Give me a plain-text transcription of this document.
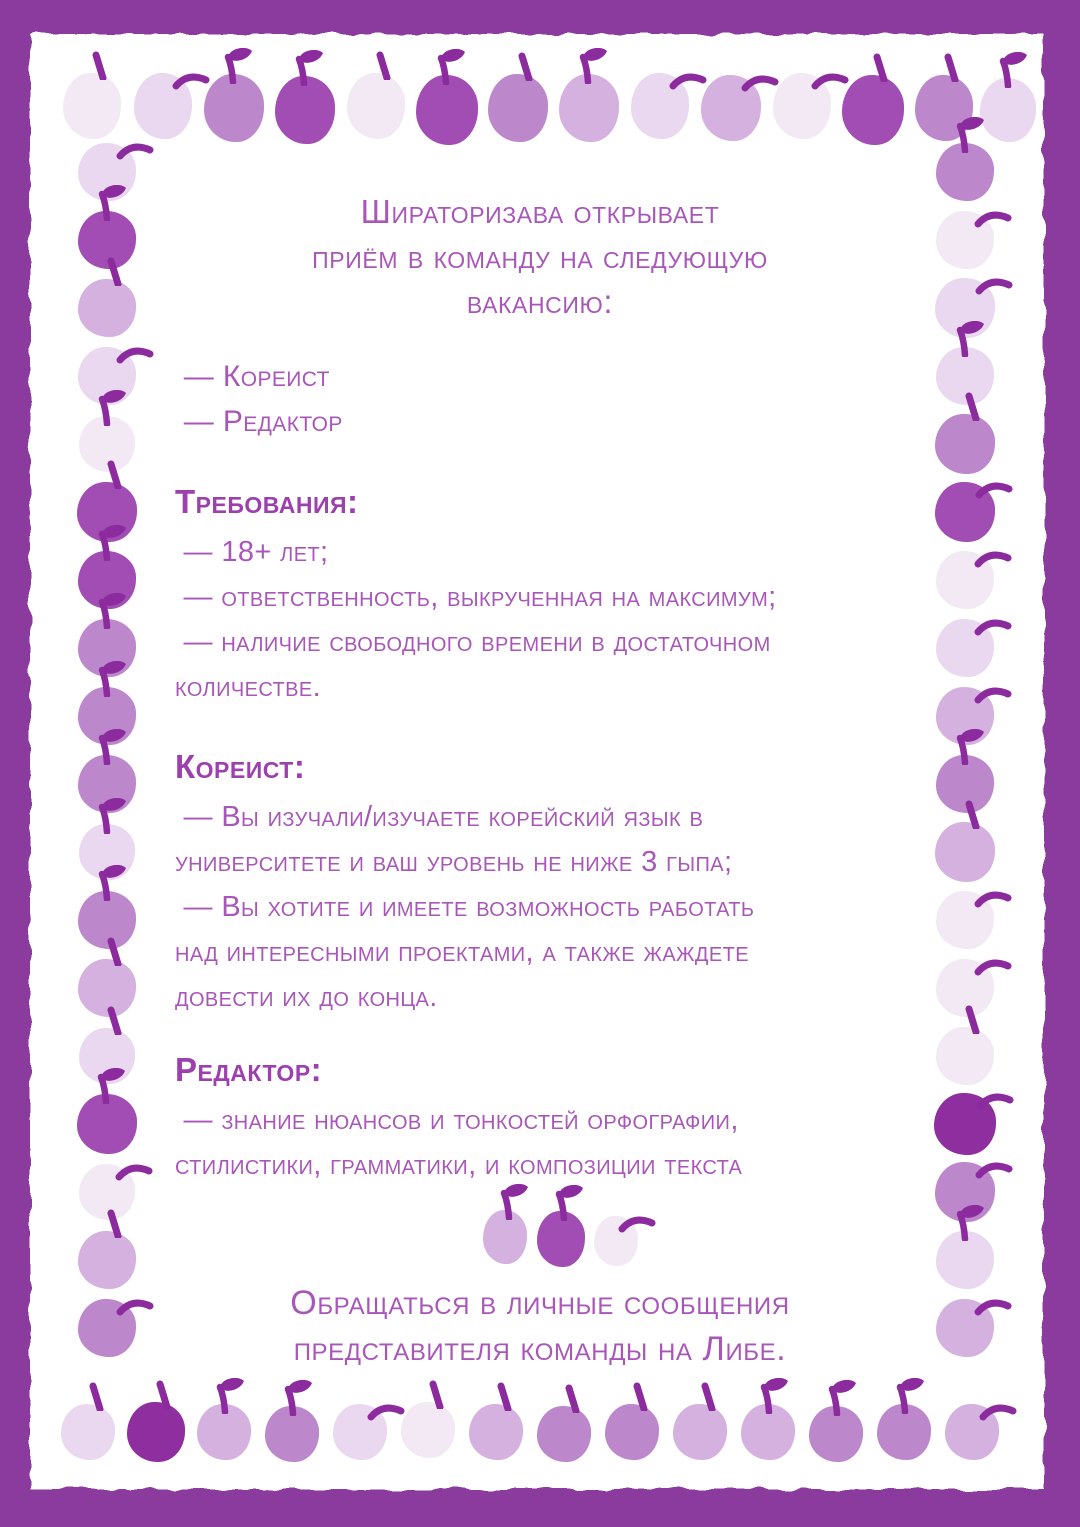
Шираторизава открывает
приём в команду на следующую
вакансию:
— Кореист
— Редактор
Требования:
— 18+ лет;
— ответственность, выкрученная на максимум;
— наличие свободного времени в достаточном
количестве.
Кореист:
— Вы изучали/изучаете корейский язык в
университете и ваш уровень не ниже 3 гыпа;
— Вы хотите и имеете возможность работать
над интересными проектами, а также жаждете
довести их до конца.
Редактор:
— знание нюансов и тонкостей орфографии,
стилистики, грамматики, и композиции текста
Обращаться в личные сообщения
представителя команды на Либе.
